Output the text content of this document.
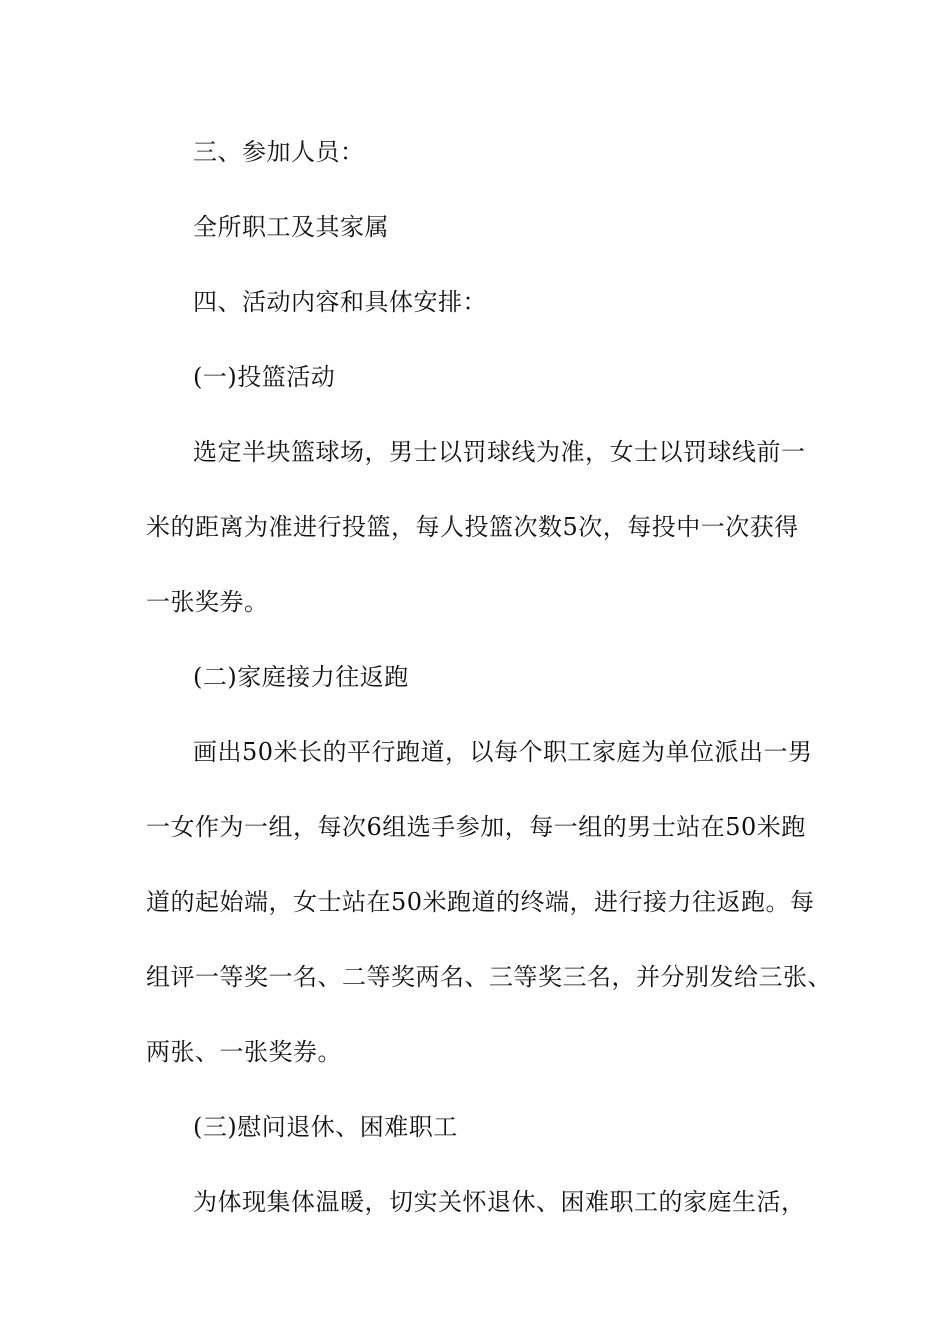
三、参加人员：
全所职工及其家属
四、活动内容和具体安排：
(一)投篮活动
选定半块篮球场，男士以罚球线为准，女士以罚球线前一
米的距离为准进行投篮，每人投篮次数5次，每投中一次获得
一张奖券。
(二)家庭接力往返跑
画出50米长的平行跑道，以每个职工家庭为单位派出一男
一女作为一组，每次6组选手参加，每一组的男士站在50米跑
道的起始端，女士站在50米跑道的终端，进行接力往返跑。每
组评一等奖一名、二等奖两名、三等奖三名，并分别发给三张、
两张、一张奖券。
(三)慰问退休、困难职工
为体现集体温暖，切实关怀退休、困难职工的家庭生活，
